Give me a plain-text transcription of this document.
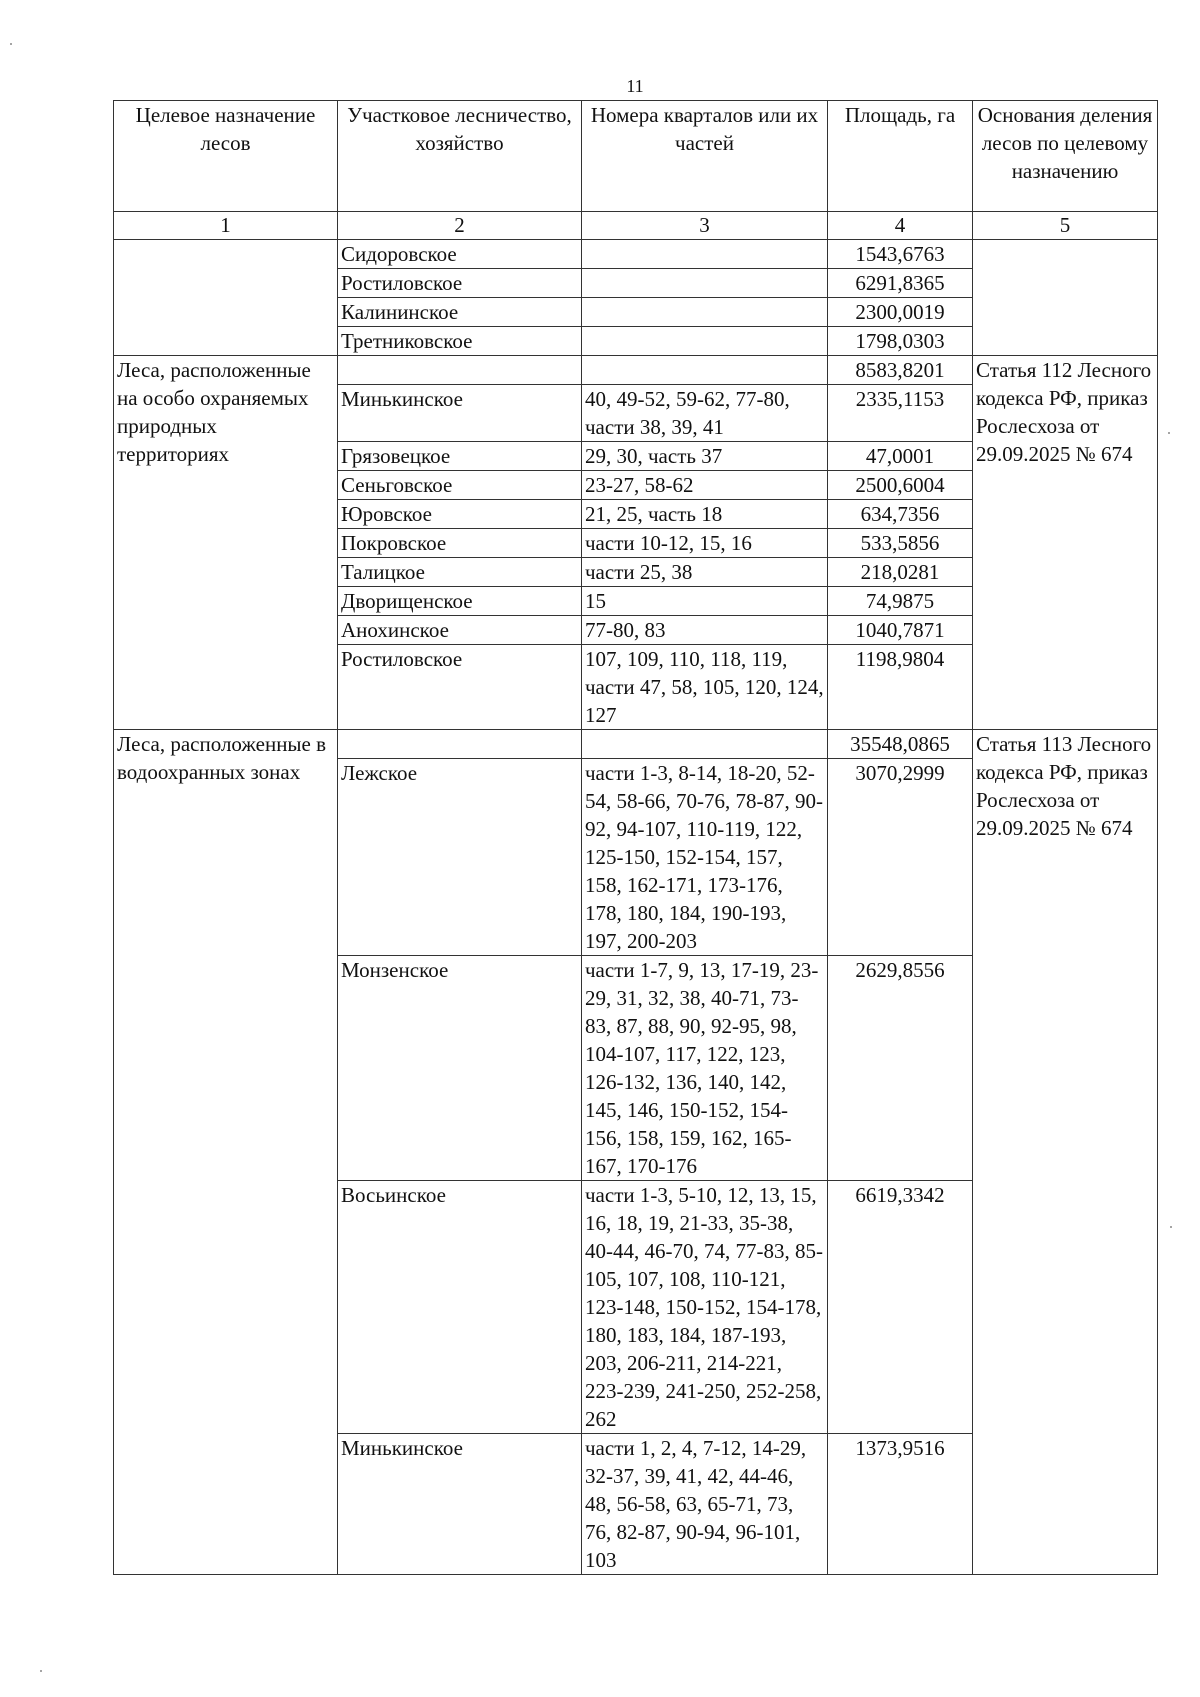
11
Целевое назначение лесов	Участковое лесничество, хозяйство	Номера кварталов или их частей	Площадь, га	Основания деления лесов по целевому назначению
1	2	3	4	5
	Сидоровское		1543,6763	
	Ростиловское		6291,8365	
	Калининское		2300,0019	
	Третниковское		1798,0303	
Леса, расположенные на особо охраняемых природных территориях			8583,8201	Статья 112 Лесного кодекса РФ, приказ Рослесхоза от 29.09.2025 № 674
	Минькинское	40, 49-52, 59-62, 77-80, части 38, 39, 41	2335,1153	
	Грязовецкое	29, 30, часть 37	47,0001	
	Сеньговское	23-27, 58-62	2500,6004	
	Юровское	21, 25, часть 18	634,7356	
	Покровское	части 10-12, 15, 16	533,5856	
	Талицкое	части 25, 38	218,0281	
	Дворищенское	15	74,9875	
	Анохинское	77-80, 83	1040,7871	
	Ростиловское	107, 109, 110, 118, 119, части 47, 58, 105, 120, 124, 127	1198,9804	
Леса, расположенные в водоохранных зонах			35548,0865	Статья 113 Лесного кодекса РФ, приказ Рослесхоза от 29.09.2025 № 674
	Лежское	части 1-3, 8-14, 18-20, 52-54, 58-66, 70-76, 78-87, 90-92, 94-107, 110-119, 122, 125-150, 152-154, 157, 158, 162-171, 173-176, 178, 180, 184, 190-193, 197, 200-203	3070,2999	
	Монзенское	части 1-7, 9, 13, 17-19, 23-29, 31, 32, 38, 40-71, 73-83, 87, 88, 90, 92-95, 98, 104-107, 117, 122, 123, 126-132, 136, 140, 142, 145, 146, 150-152, 154-156, 158, 159, 162, 165-167, 170-176	2629,8556	
	Восьинское	части 1-3, 5-10, 12, 13, 15, 16, 18, 19, 21-33, 35-38, 40-44, 46-70, 74, 77-83, 85-105, 107, 108, 110-121, 123-148, 150-152, 154-178, 180, 183, 184, 187-193, 203, 206-211, 214-221, 223-239, 241-250, 252-258, 262	6619,3342	
	Минькинское	части 1, 2, 4, 7-12, 14-29, 32-37, 39, 41, 42, 44-46, 48, 56-58, 63, 65-71, 73, 76, 82-87, 90-94, 96-101, 103	1373,9516	
